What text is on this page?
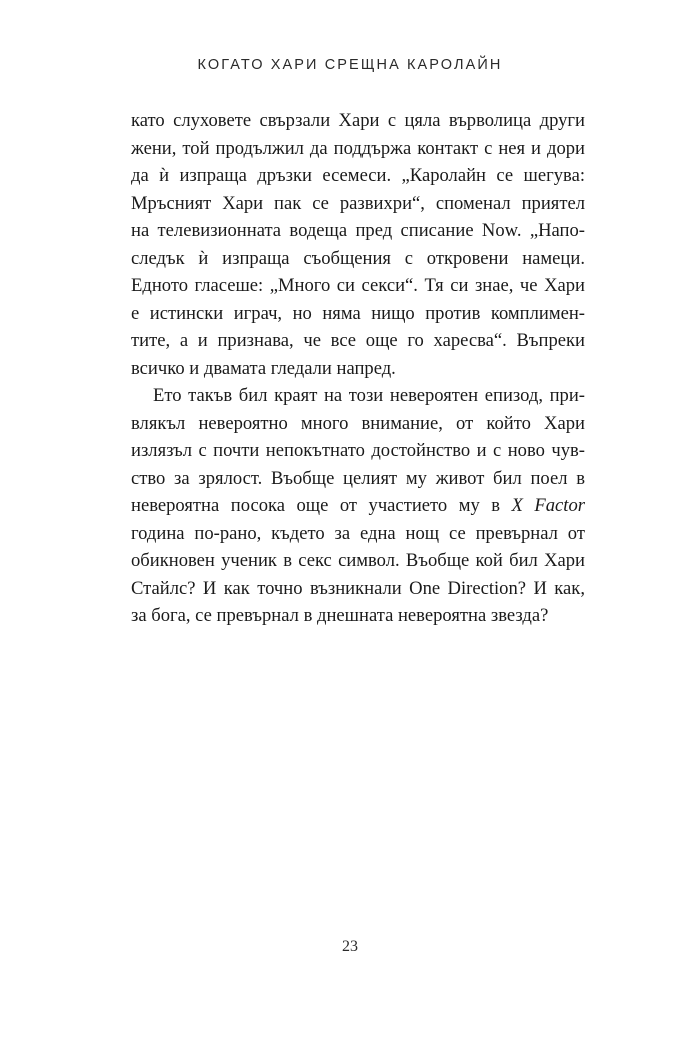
КОГАТО ХАРИ СРЕЩНА КАРОЛАЙН
като слуховете свързали Хари с цяла върволица други
жени, той продължил да поддържа контакт с нея и дори
да ѝ изпраща дръзки есемеси. „Каролайн се шегува:
Мръсният Хари пак се развихри“, споменал приятел
на телевизионната водеща пред списание Now. „Напо-
следък ѝ изпраща съобщения с откровени намеци.
Едното гласеше: „Много си секси“. Тя си знае, че Хари
е истински играч, но няма нищо против комплимен-
тите, а и признава, че все още го харесва“. Въпреки
всичко и двамата гледали напред.
Ето такъв бил краят на този невероятен епизод, при-
влякъл невероятно много внимание, от който Хари
излязъл с почти непокътнато достойнство и с ново чув-
ство за зрялост. Въобще целият му живот бил поел в
невероятна посока още от участието му в X Factor
година по-рано, където за една нощ се превърнал от
обикновен ученик в секс символ. Въобще кой бил Хари
Стайлс? И как точно възникнали One Direction? И как,
за бога, се превърнал в днешната невероятна звезда?
23
